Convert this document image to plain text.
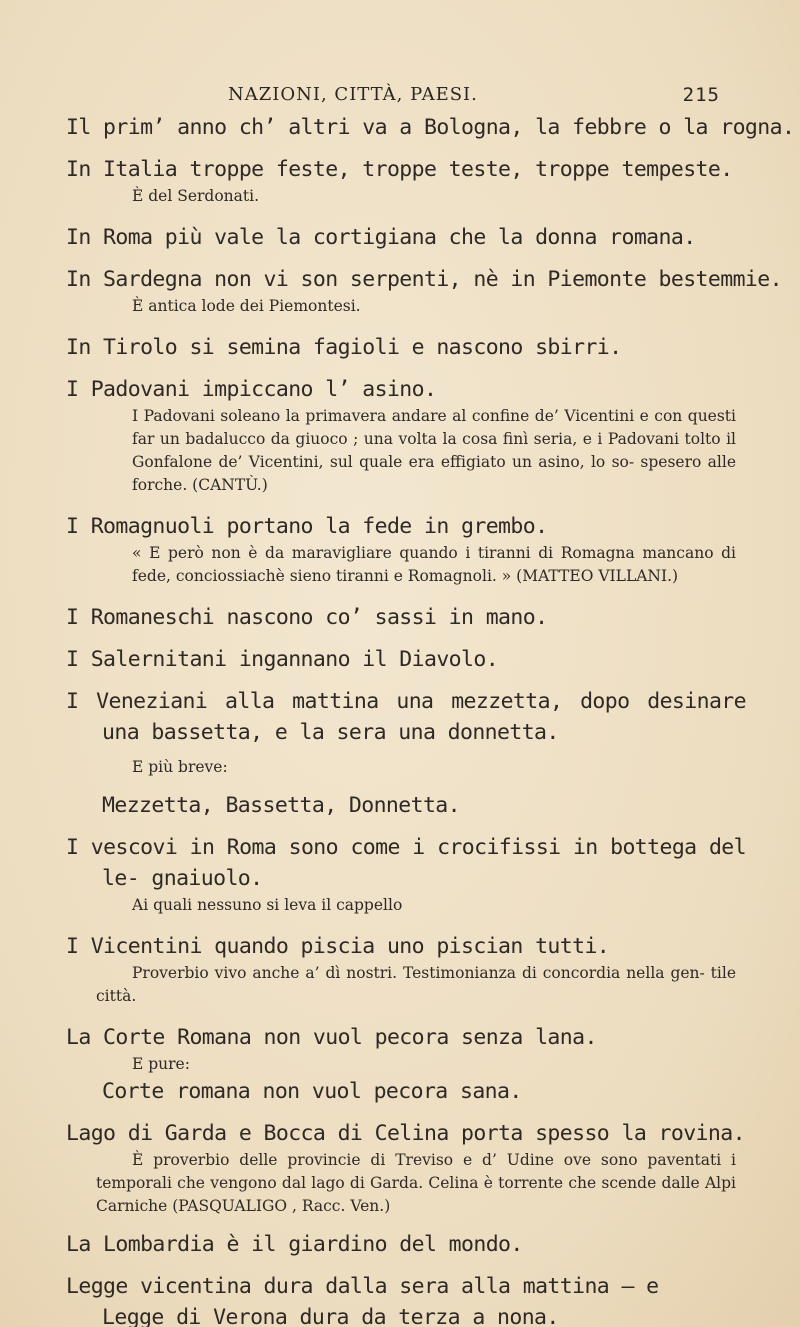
NAZIONI, CITTÀ, PAESI.	215

Il prim’ anno ch’ altri va a Bologna, la febbre o la rogna.

In Italia troppe feste, troppe teste, troppe tempeste.

È del Serdonati.

In Roma più vale la cortigiana che la donna romana.

In Sardegna non vi son serpenti, nè in Piemonte bestemmie.

È antica lode dei Piemontesi.

In Tirolo si semina fagioli e nascono sbirri.

I Padovani impiccano l’ asino.

I Padovani soleano la primavera andare al confine de’ Vicentini e con questi far un badalucco da giuoco ; una volta la cosa finì seria, e i Padovani tolto il Gonfalone de’ Vicentini, sul quale era effigiato un asino, lo so- spesero alle forche. (CANTÙ.)

I Romagnuoli portano la fede in grembo.

« E però non è da maravigliare quando i tiranni di Romagna mancano di fede, conciossiachè sieno tiranni e Romagnoli. » (MATTEO VILLANI.)

I Romaneschi nascono co’ sassi in mano.

I Salernitani ingannano il Diavolo.

I Veneziani alla mattina una mezzetta, dopo desinare una bassetta, e la sera una donnetta.

E più breve:

Mezzetta, Bassetta, Donnetta.

I vescovi in Roma sono come i crocifissi in bottega del le- gnaiuolo.

Ai quali nessuno si leva il cappello

I Vicentini quando piscia uno piscian tutti.

Proverbio vivo anche a’ dì nostri. Testimonianza di concordia nella gen- tile città.

La Corte Romana non vuol pecora senza lana.

E pure:

Corte romana non vuol pecora sana.

Lago di Garda e Bocca di Celina porta spesso la rovina.

È proverbio delle provincie di Treviso e d’ Udine ove sono paventati i temporali che vengono dal lago di Garda. Celina è torrente che scende dalle Alpi Carniche (PASQUALIGO , Racc. Ven.)

La Lombardia è il giardino del mondo.

Legge vicentina dura dalla sera alla mattina — e

Legge di Verona dura da terza a nona.
